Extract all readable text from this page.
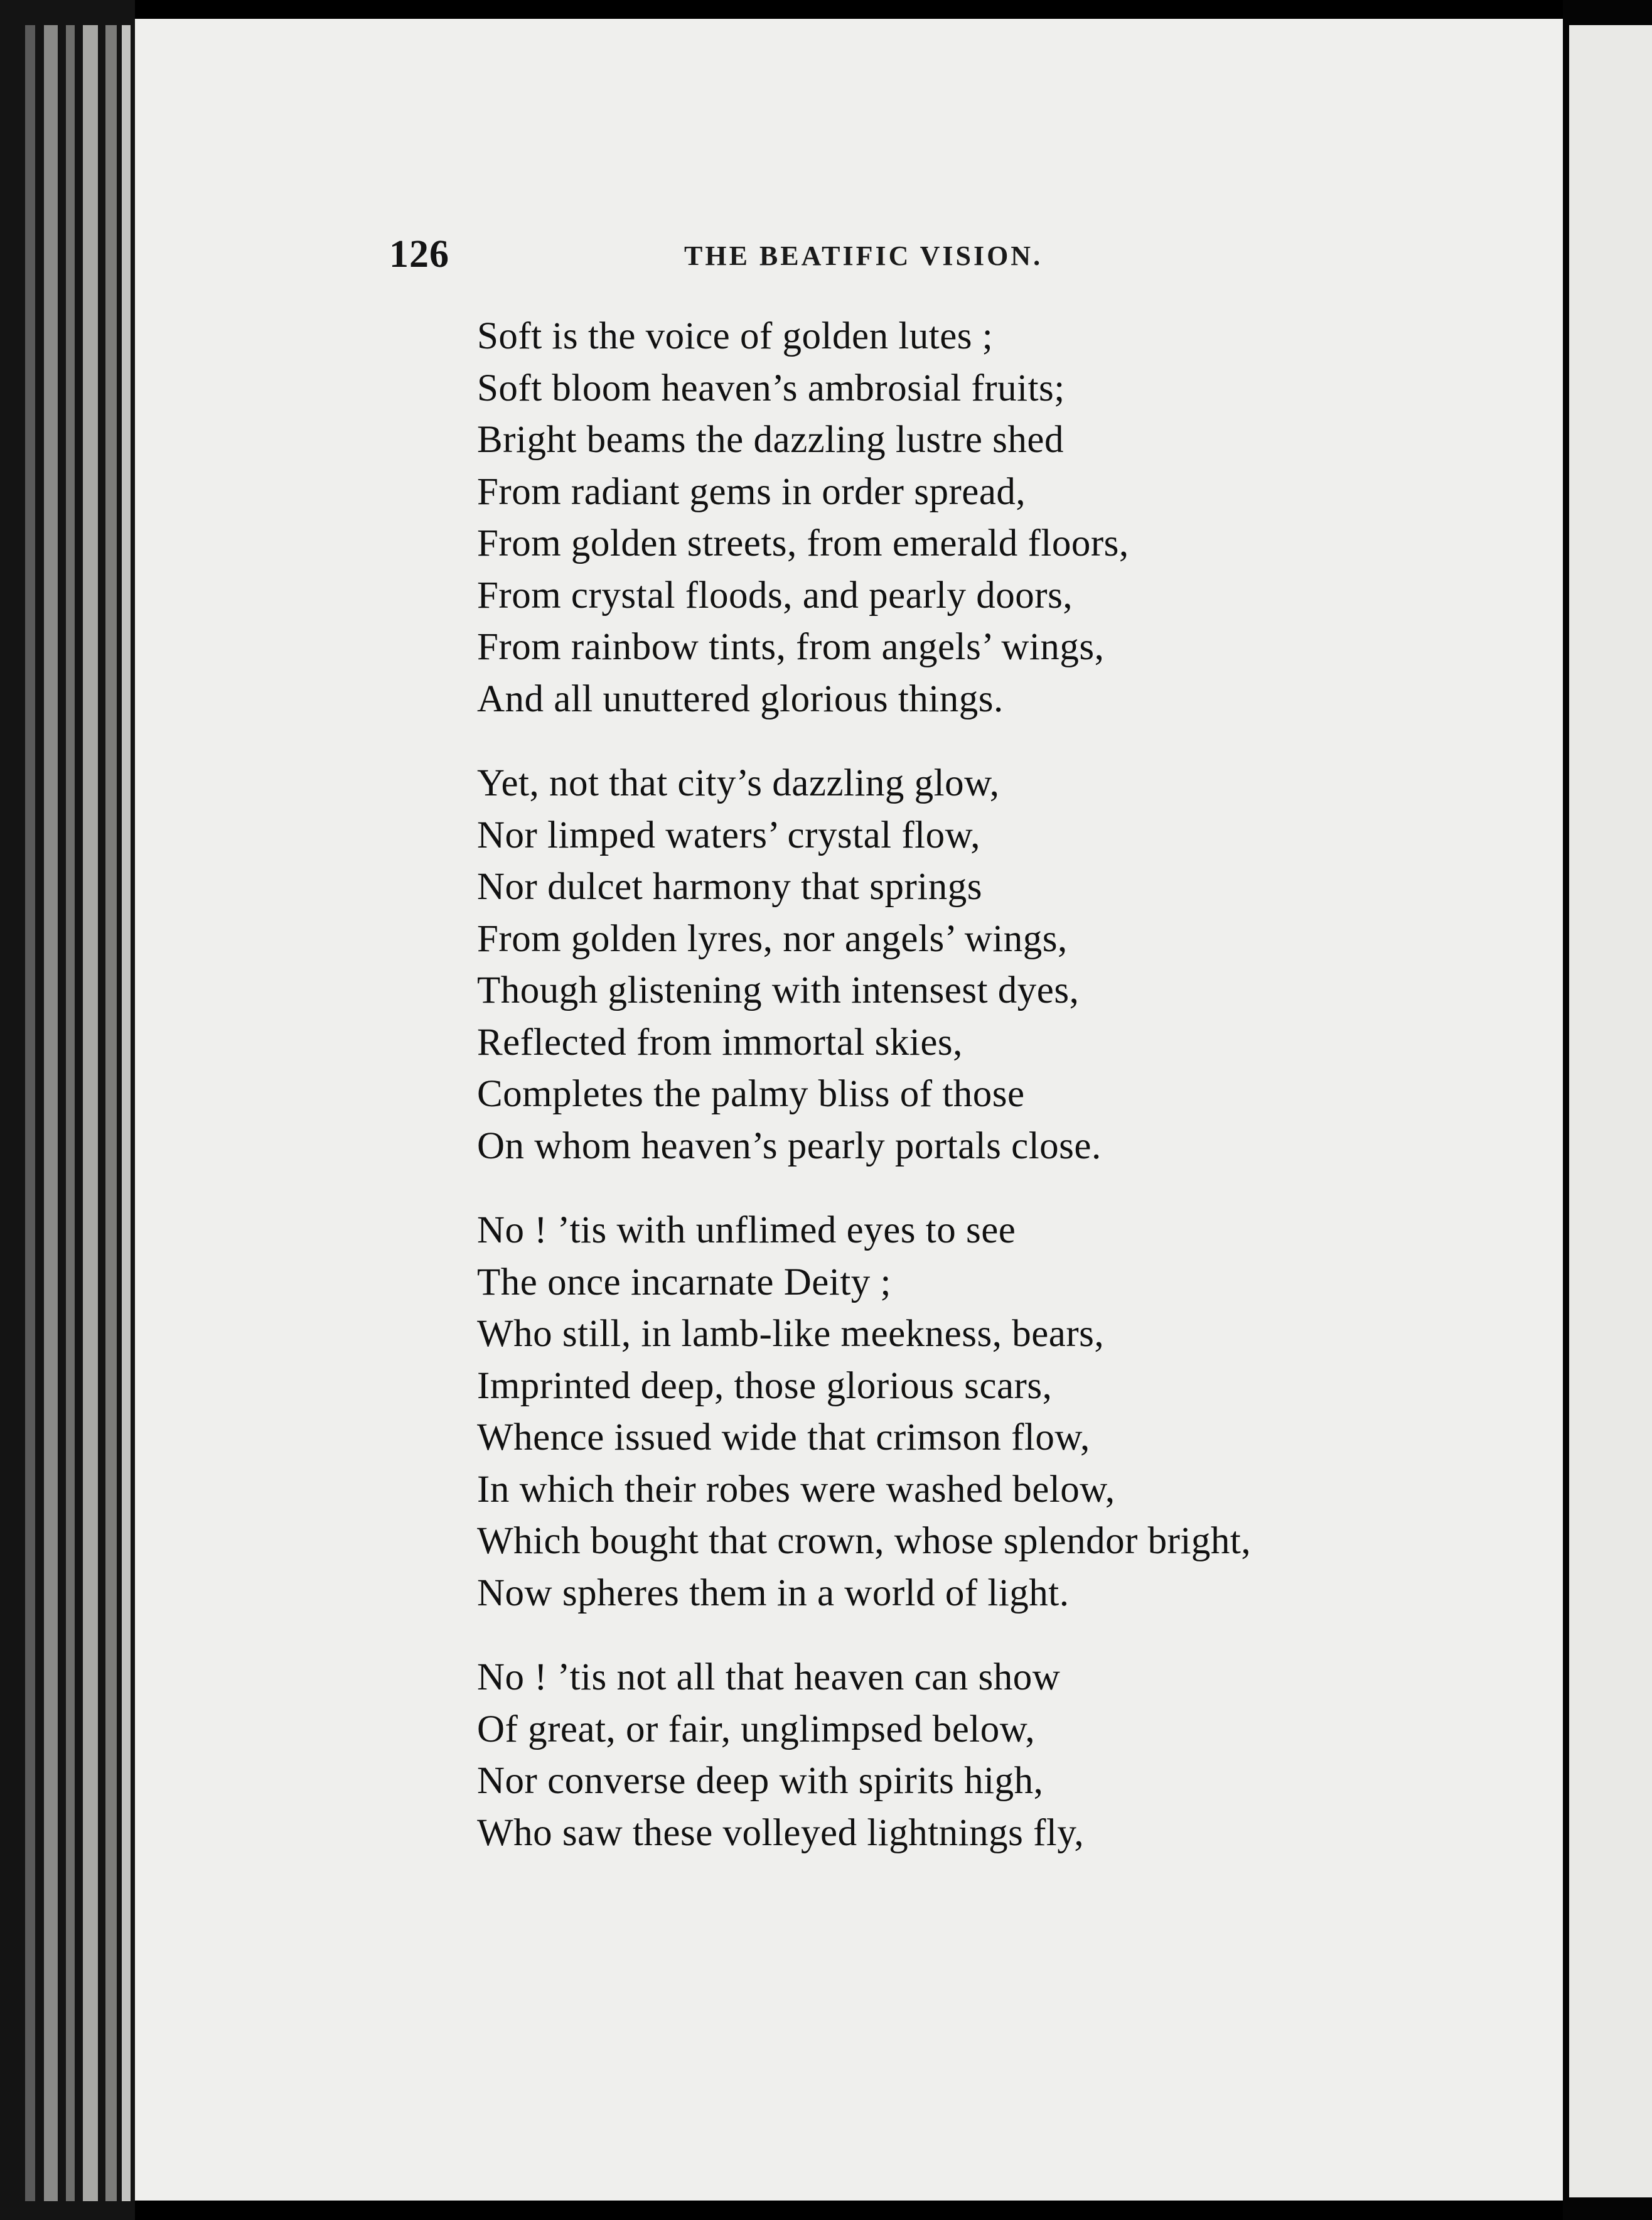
126	THE BEATIFIC VISION.
Soft is the voice of golden lutes ;
Soft bloom heaven’s ambrosial fruits;
Bright beams the dazzling lustre shed
From radiant gems in order spread,
From golden streets, from emerald floors,
From crystal floods, and pearly doors,
From rainbow tints, from angels’ wings,
And all unuttered glorious things.
Yet, not that city’s dazzling glow,
Nor limped waters’ crystal flow,
Nor dulcet harmony that springs
From golden lyres, nor angels’ wings,
Though glistening with intensest dyes,
Reflected from immortal skies,
Completes the palmy bliss of those
On whom heaven’s pearly portals close.
No ! ’tis with unflimed eyes to see
The once incarnate Deity ;
Who still, in lamb-like meekness, bears,
Imprinted deep, those glorious scars,
Whence issued wide that crimson flow,
In which their robes were washed below,
Which bought that crown, whose splendor bright,
Now spheres them in a world of light.
No ! ’tis not all that heaven can show
Of great, or fair, unglimpsed below,
Nor converse deep with spirits high,
Who saw these volleyed lightnings fly,
